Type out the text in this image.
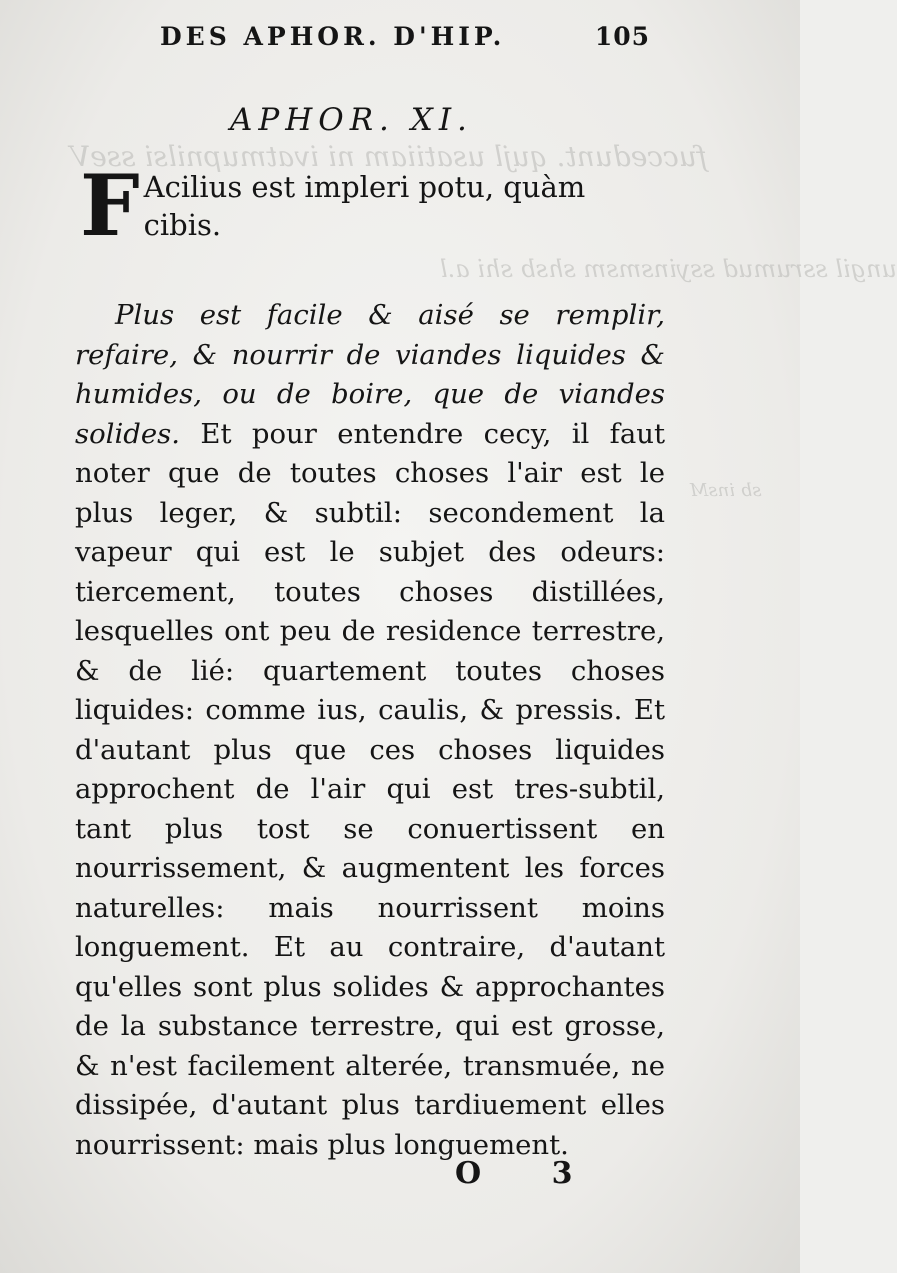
fuccedunt. qujl usatiiam ni ivatmupnilsi sseV
ungil ssrumud ssyinsmsm shsb shi a.l
sb insM
DES APHOR. D'HIP.	105
APHOR. XI.
F Acilius est impleri potu, quàm cibis.

Plus est facile & aisé se remplir, refaire, & nourrir de viandes liquides & humides, ou de boire, que de viandes solides. Et pour entendre cecy, il faut noter que de toutes choses l'air est le plus leger, & subtil: secondement la vapeur qui est le subjet des odeurs: tiercement, toutes choses distillées, lesquelles ont peu de residence terrestre, & de lié: quartement toutes choses liquides: comme ius, caulis, & pressis. Et d'autant plus que ces choses liquides approchent de l'air qui est tres-subtil, tant plus tost se conuertissent en nourrissement, & augmentent les forces naturelles: mais nourrissent moins longuement. Et au contraire, d'autant qu'elles sont plus solides & approchantes de la substance terrestre, qui est grosse, & n'est facilement alterée, transmuée, ne dissipée, d'autant plus tardiuement elles nourrissent: mais plus longuement.

O 3
